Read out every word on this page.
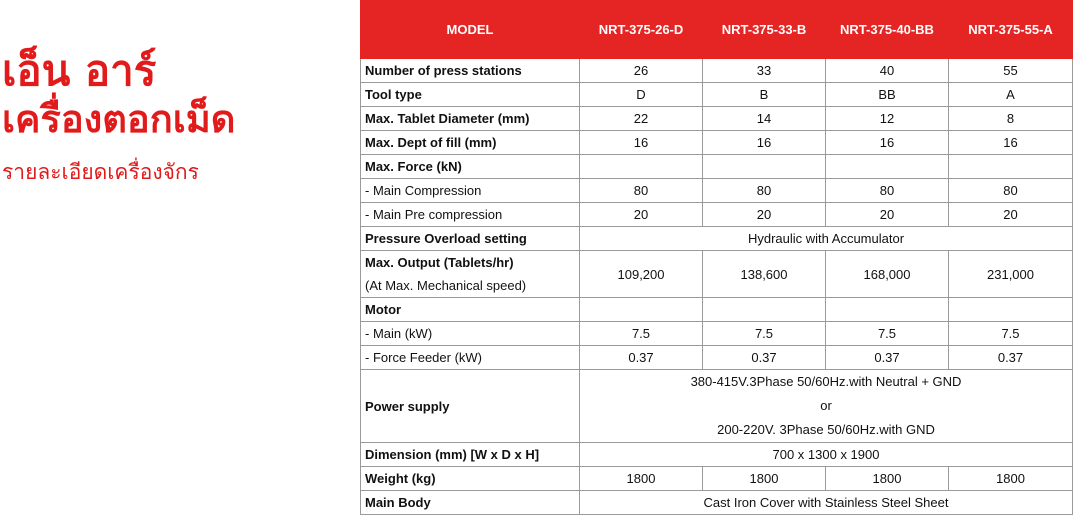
เอ็น อาร์
เครื่องตอกเม็ด
รายละเอียดเครื่องจักร
MODEL	NRT-375-26-D	NRT-375-33-B	NRT-375-40-BB	NRT-375-55-A
Number of press stations	26	33	40	55
Tool type	D	B	BB	A
Max. Tablet Diameter (mm)	22	14	12	8
Max. Dept of fill (mm)	16	16	16	16
Max. Force (kN)				
- Main Compression	80	80	80	80
- Main Pre compression	20	20	20	20
Pressure Overload setting	Hydraulic with Accumulator			

Max. Output (Tablets/hr)
(At Max. Mechanical speed)	109,200	138,600	168,000	231,000
Motor				
- Main (kW)	7.5	7.5	7.5	7.5
- Force Feeder (kW)	0.37	0.37	0.37	0.37
Power supply	380-415V.3Phase 50/60Hz.with Neutral + GND
or
200-220V. 3Phase 50/60Hz.with GND			

Dimension (mm) [W x D x H]	700 x 1300 x 1900			
Weight (kg)	1800	1800	1800	1800
Main Body	Cast Iron Cover with Stainless Steel Sheet			
